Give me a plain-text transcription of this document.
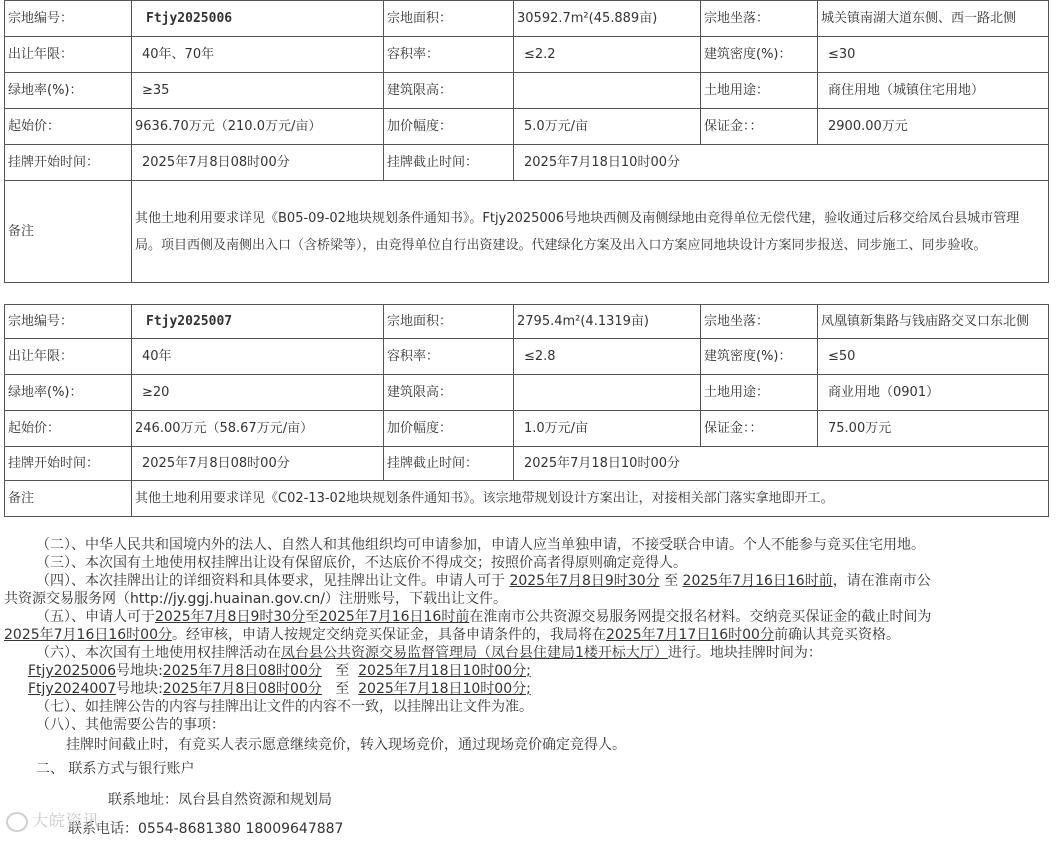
宗地编号：	Ftjy2025006	宗地面积：	30592.7m²(45.889亩)	宗地坐落：	城关镇南湖大道东侧、西一路北侧
出让年限：	40年、70年	容积率：	≤2.2	建筑密度(%)：	≤30
绿地率(%)：	≥35	建筑限高：		土地用途：	商住用地（城镇住宅用地）
起始价：	9636.70万元（210.0万元/亩）	加价幅度：	5.0万元/亩	保证金：：	2900.00万元
挂牌开始时间：	2025年7月8日08时00分	挂牌截止时间：	2025年7月18日10时00分		
备注	其他土地利用要求详见《B05-09-02地块规划条件通知书》。Ftjy2025006号地块西侧及南侧绿地由竞得单位无偿代建，验收通过后移交给凤台县城市管理局。项目西侧及南侧出入口（含桥梁等），由竞得单位自行出资建设。代建绿化方案及出入口方案应同地块设计方案同步报送、同步施工、同步验收。				
宗地编号：	Ftjy2025007	宗地面积：	2795.4m²(4.1319亩)	宗地坐落：	凤凰镇新集路与钱庙路交叉口东北侧
出让年限：	40年	容积率：	≤2.8	建筑密度(%)：	≤50
绿地率(%)：	≥20	建筑限高：		土地用途：	商业用地（0901）
起始价：	246.00万元（58.67万元/亩）	加价幅度：	1.0万元/亩	保证金：：	75.00万元
挂牌开始时间：	2025年7月8日08时00分	挂牌截止时间：	2025年7月18日10时00分		
备注	其他土地利用要求详见《C02-13-02地块规划条件通知书》。该宗地带规划设计方案出让，对接相关部门落实拿地即开工。				
（二）、中华人民共和国境内外的法人、自然人和其他组织均可申请参加，申请人应当单独申请，不接受联合申请。个人不能参与竞买住宅用地。
（三）、本次国有土地使用权挂牌出让设有保留底价，不达底价不得成交；按照价高者得原则确定竞得人。
（四）、本次挂牌出让的详细资料和具体要求，见挂牌出让文件。申请人可于 2025年7月8日9时30分 至 2025年7月16日16时前，请在淮南市公
共资源交易服务网（http://jy.ggj.huainan.gov.cn/）注册账号，下载出让文件。
（五）、申请人可于2025年7月8日9时30分至2025年7月16日16时前在淮南市公共资源交易服务网提交报名材料。交纳竞买保证金的截止时间为
2025年7月16日16时00分。经审核，申请人按规定交纳竞买保证金，具备申请条件的，我局将在2025年7月17日16时00分前确认其竞买资格。
（六）、本次国有土地使用权挂牌活动在凤台县公共资源交易监督管理局（凤台县住建局1楼开标大厅）进行。地块挂牌时间为：
Ftjy2025006号地块:2025年7月8日08时00分 至 2025年7月18日10时00分;
Ftjy2024007号地块:2025年7月8日08时00分 至 2025年7月18日10时00分;
（七）、如挂牌公告的内容与挂牌出让文件的内容不一致，以挂牌出让文件为准。
（八）、其他需要公告的事项：
挂牌时间截止时，有竞买人表示愿意继续竞价，转入现场竞价，通过现场竞价确定竞得人。
二、 联系方式与银行账户
联系地址：凤台县自然资源和规划局
联系电话：0554-8681380 18009647887
大皖资讯
